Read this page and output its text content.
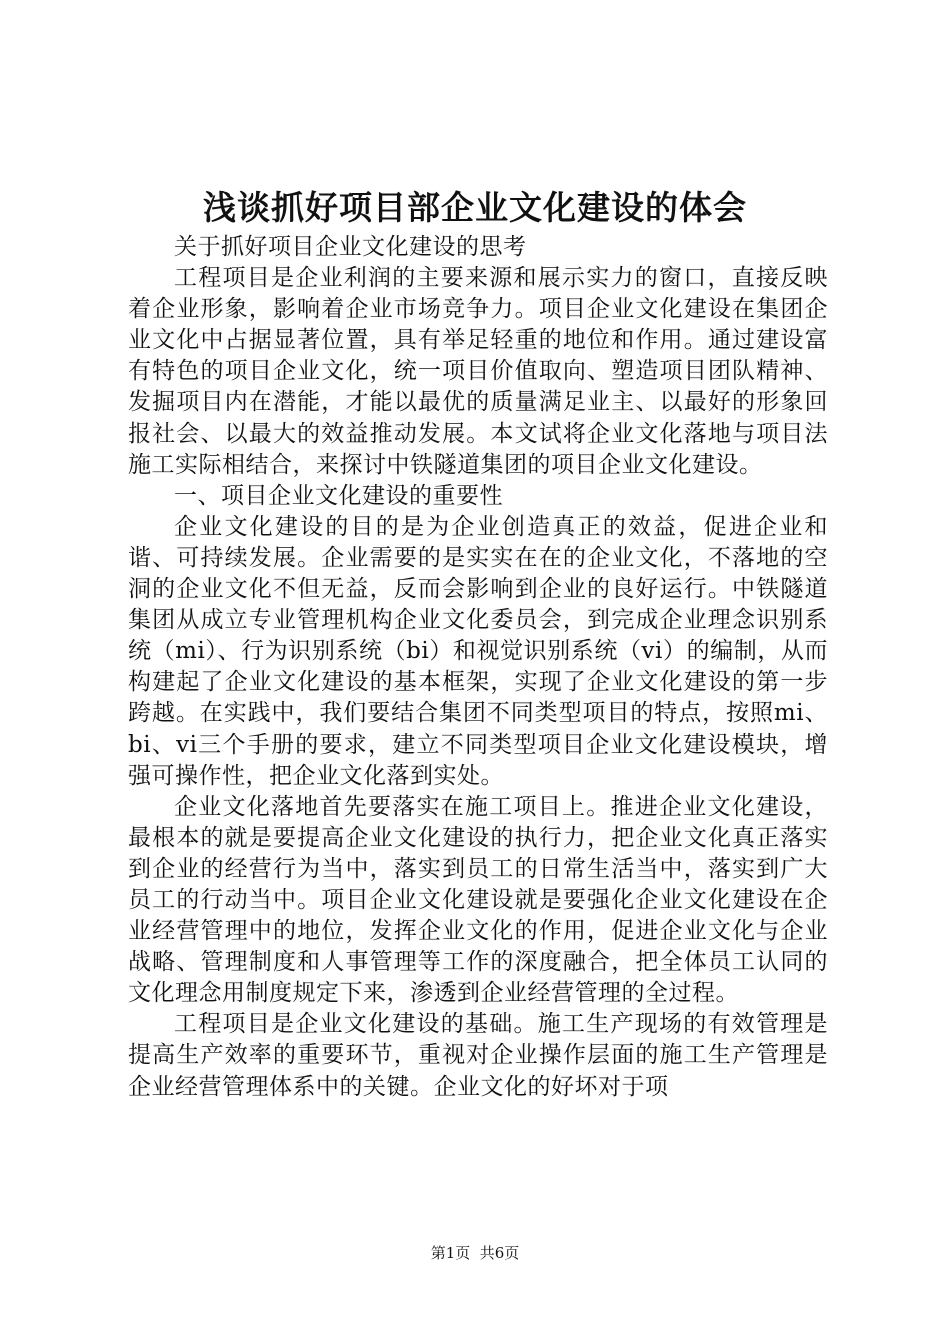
浅谈抓好项目部企业文化建设的体会

关于抓好项目企业文化建设的思考

工程项目是企业利润的主要来源和展示实力的窗口，直接反映着企业形象，影响着企业市场竞争力。项目企业文化建设在集团企业文化中占据显著位置，具有举足轻重的地位和作用。通过建设富有特色的项目企业文化，统一项目价值取向、塑造项目团队精神、发掘项目内在潜能，才能以最优的质量满足业主、以最好的形象回报社会、以最大的效益推动发展。本文试将企业文化落地与项目法施工实际相结合，来探讨中铁隧道集团的项目企业文化建设。

一、项目企业文化建设的重要性

企业文化建设的目的是为企业创造真正的效益，促进企业和谐、可持续发展。企业需要的是实实在在的企业文化，不落地的空洞的企业文化不但无益，反而会影响到企业的良好运行。中铁隧道集团从成立专业管理机构企业文化委员会，到完成企业理念识别系统（mi）、行为识别系统（bi）和视觉识别系统（vi）的编制，从而构建起了企业文化建设的基本框架，实现了企业文化建设的第一步跨越。在实践中，我们要结合集团不同类型项目的特点，按照mi、bi、vi三个手册的要求，建立不同类型项目企业文化建设模块，增强可操作性，把企业文化落到实处。

企业文化落地首先要落实在施工项目上。推进企业文化建设，最根本的就是要提高企业文化建设的执行力，把企业文化真正落实到企业的经营行为当中，落实到员工的日常生活当中，落实到广大员工的行动当中。项目企业文化建设就是要强化企业文化建设在企业经营管理中的地位，发挥企业文化的作用，促进企业文化与企业战略、管理制度和人事管理等工作的深度融合，把全体员工认同的文化理念用制度规定下来，渗透到企业经营管理的全过程。

工程项目是企业文化建设的基础。施工生产现场的有效管理是提高生产效率的重要环节，重视对企业操作层面的施工生产管理是企业经营管理体系中的关键。企业文化的好坏对于项

第1页  共6页
